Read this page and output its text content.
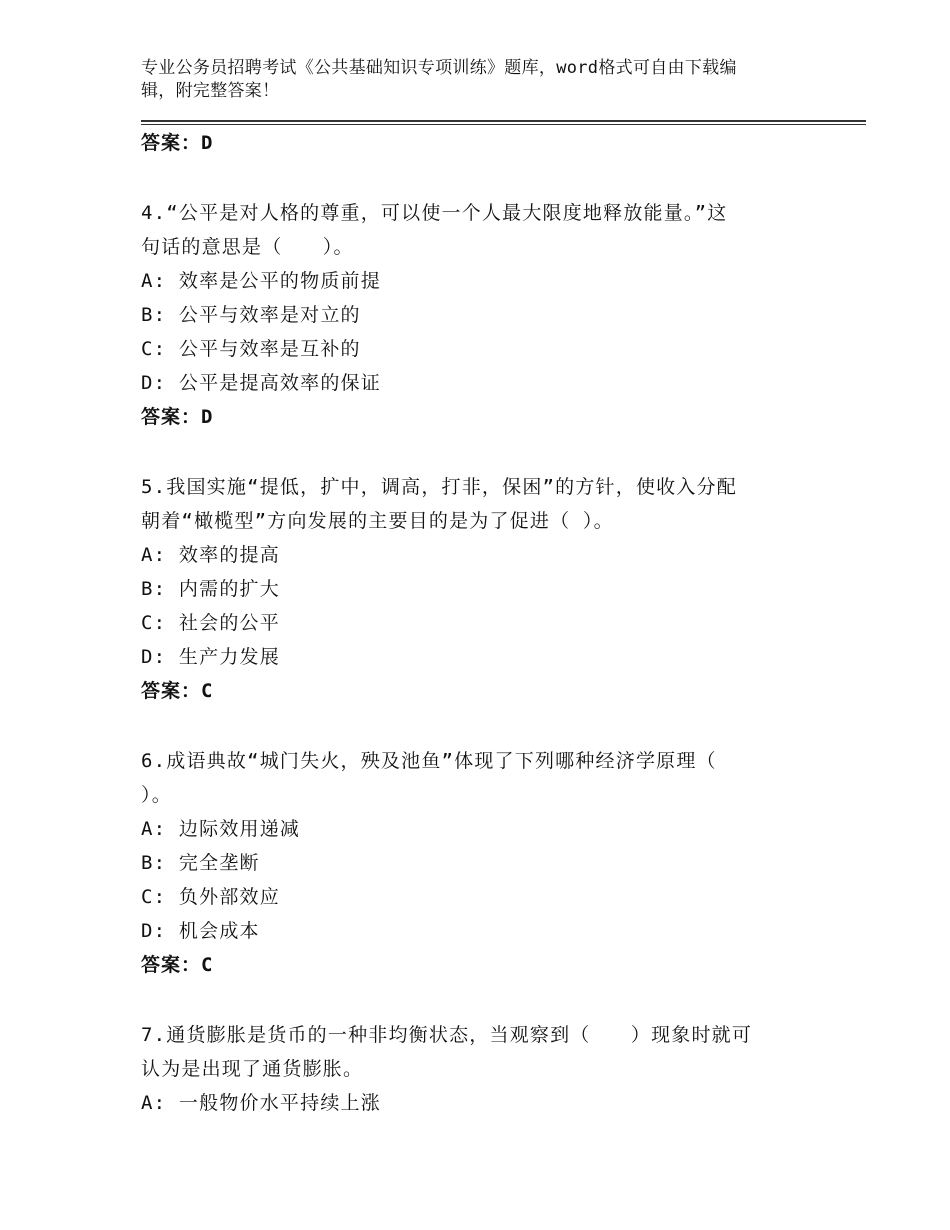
专业公务员招聘考试《公共基础知识专项训练》题库，word格式可自由下载编
辑，附完整答案！
答案：D
4.“公平是对人格的尊重，可以使一个人最大限度地释放能量。”这
句话的意思是（　　）。
A: 效率是公平的物质前提
B: 公平与效率是对立的
C: 公平与效率是互补的
D: 公平是提高效率的保证
答案：D
5.我国实施“提低，扩中，调高，打非，保困”的方针，使收入分配
朝着“橄榄型”方向发展的主要目的是为了促进（ ）。
A: 效率的提高
B: 内需的扩大
C: 社会的公平
D: 生产力发展
答案：C
6.成语典故“城门失火，殃及池鱼”体现了下列哪种经济学原理（
）。
A: 边际效用递减
B: 完全垄断
C: 负外部效应
D: 机会成本
答案：C
7.通货膨胀是货币的一种非均衡状态，当观察到（　　）现象时就可
认为是出现了通货膨胀。
A: 一般物价水平持续上涨
